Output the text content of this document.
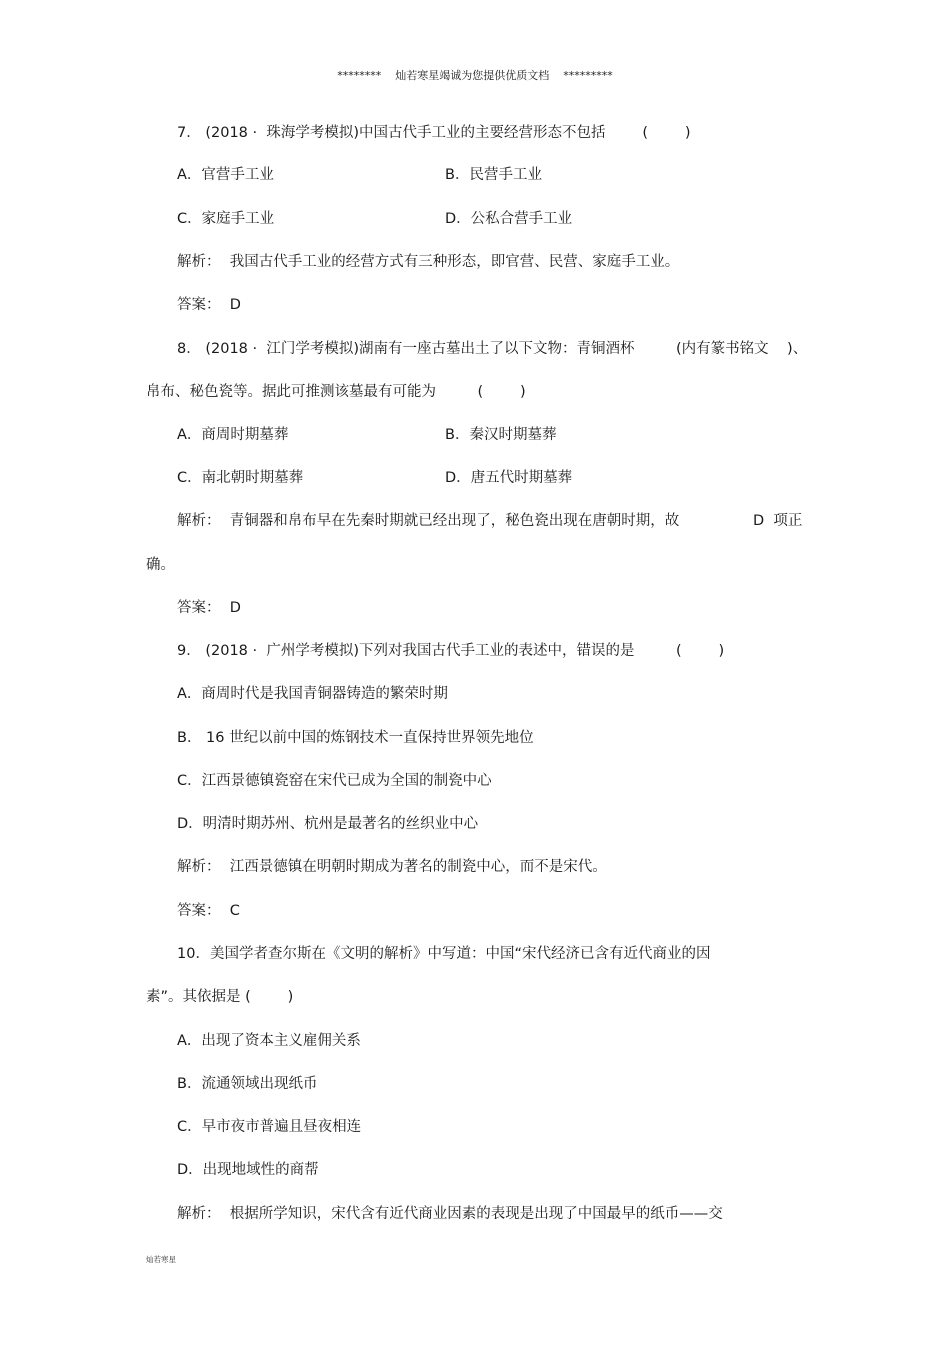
********    灿若寒星竭诚为您提供优质文档    *********
7． (2018 ·  珠海学考模拟)中国古代手工业的主要经营形态不包括        (        )
A．官营手工业	B．民营手工业
C．家庭手工业	D．公私合营手工业
解析：  我国古代手工业的经营方式有三种形态，即官营、民营、家庭手工业。
答案：  D
8． (2018 ·  江门学考模拟)湖南有一座古墓出土了以下文物：青铜酒杯         (内有篆书铭文    )、
帛布、秘色瓷等。据此可推测该墓最有可能为         (        )
A．商周时期墓葬	B．秦汉时期墓葬
C．南北朝时期墓葬	D．唐五代时期墓葬
解析：  青铜器和帛布早在先秦时期就已经出现了，秘色瓷出现在唐朝时期，故	D  项正
确。
答案：  D
9． (2018 ·  广州学考模拟)下列对我国古代手工业的表述中，错误的是         (        )
A．商周时代是我国青铜器铸造的繁荣时期
B． 16 世纪以前中国的炼钢技术一直保持世界领先地位
C．江西景德镇瓷窑在宋代已成为全国的制瓷中心
D．明清时期苏州、杭州是最著名的丝织业中心
解析：  江西景德镇在明朝时期成为著名的制瓷中心，而不是宋代。
答案：  C
10．美国学者查尔斯在《文明的解析》中写道：中国“宋代经济已含有近代商业的因
素”。其依据是 (        )
A．出现了资本主义雇佣关系
B．流通领域出现纸币
C．早市夜市普遍且昼夜相连
D．出现地域性的商帮
解析：  根据所学知识，宋代含有近代商业因素的表现是出现了中国最早的纸币——交
灿若寒星
